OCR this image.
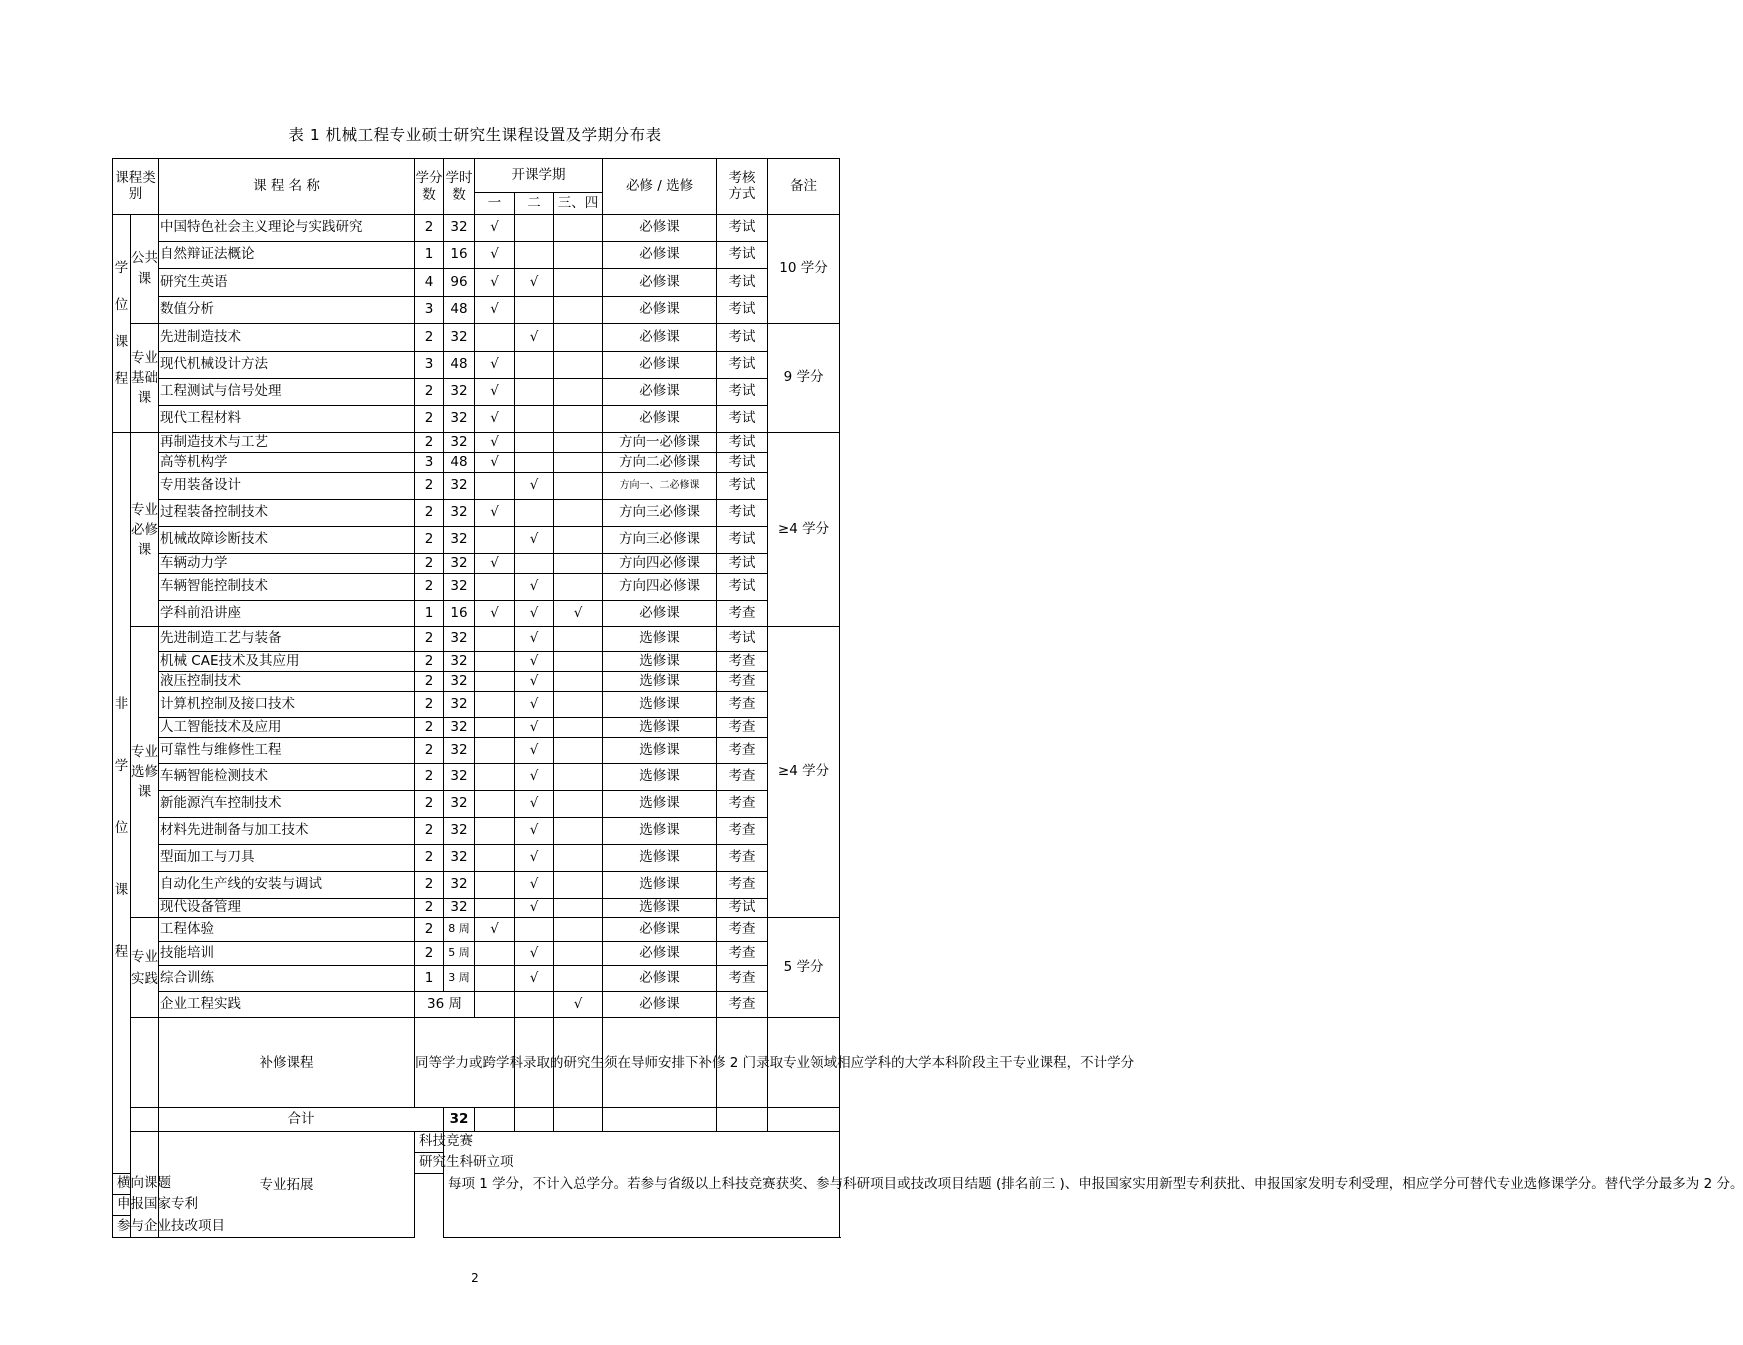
表 1 机械工程专业硕士研究生课程设置及学期分布表
课程类别		课 程 名 称	学分数	学时数	开课学期			必修 / 选修	考核方式	备注	
					一	二	三、四				
学位课程	公共课	中国特色社会主义理论与实践研究	2	32	√			必修课	考试	10 学分	
		自然辩证法概论	1	16	√			必修课	考试		
		研究生英语	4	96	√	√		必修课	考试		
		数值分析	3	48	√			必修课	考试		
	专业基础课	先进制造技术	2	32		√		必修课	考试	9 学分	
		现代机械设计方法	3	48	√			必修课	考试		
		工程测试与信号处理	2	32	√			必修课	考试		
		现代工程材料	2	32	√			必修课	考试		
非学位课程	专业必修课	再制造技术与工艺	2	32	√			方向一必修课	考试	≥4 学分	
		高等机构学	3	48	√			方向二必修课	考试		
		专用装备设计	2	32		√		方向一、二必修课	考试		
		过程装备控制技术	2	32	√			方向三必修课	考试		
		机械故障诊断技术	2	32		√		方向三必修课	考试		
		车辆动力学	2	32	√			方向四必修课	考试		
		车辆智能控制技术	2	32		√		方向四必修课	考试		
		学科前沿讲座	1	16	√	√	√	必修课	考查		
	专业选修课	先进制造工艺与装备	2	32		√		选修课	考试	≥4 学分	
		机械 CAE技术及其应用	2	32		√		选修课	考查		
		液压控制技术	2	32		√		选修课	考查		
		计算机控制及接口技术	2	32		√		选修课	考查		
		人工智能技术及应用	2	32		√		选修课	考查		
		可靠性与维修性工程	2	32		√		选修课	考查		
		车辆智能检测技术	2	32		√		选修课	考查		
		新能源汽车控制技术	2	32		√		选修课	考查		
		材料先进制备与加工技术	2	32		√		选修课	考查		
		型面加工与刀具	2	32		√		选修课	考查		
		自动化生产线的安装与调试	2	32		√		选修课	考查		
		现代设备管理	2	32		√		选修课	考试		
	专业实践	工程体验	2	8 周	√			必修课	考查	5 学分	
		技能培训	2	5 周		√		必修课	考查		
		综合训练	1	3 周		√		必修课	考查		
		企业工程实践	36 周				√	必修课	考查		
		补修课程	同等学力或跨学科录取的研究生须在导师安排下补修 2 门录取专业领域相应学科的大学本科阶段主干专业课程，不计学分						
		合计		32							
		专业拓展	科技竞赛	每项 1 学分，不计入总学分。若参与省级以上科技竞赛获奖、参与科研项目或技改项目结题 (排名前三 )、申报国家实用新型专利获批、申报国家发明专利受理，相应学分可替代专业选修课学分。替代学分最多为 2 分。							
			研究生科研立项								
横向课题											
申报国家专利											
参与企业技改项目											
2
